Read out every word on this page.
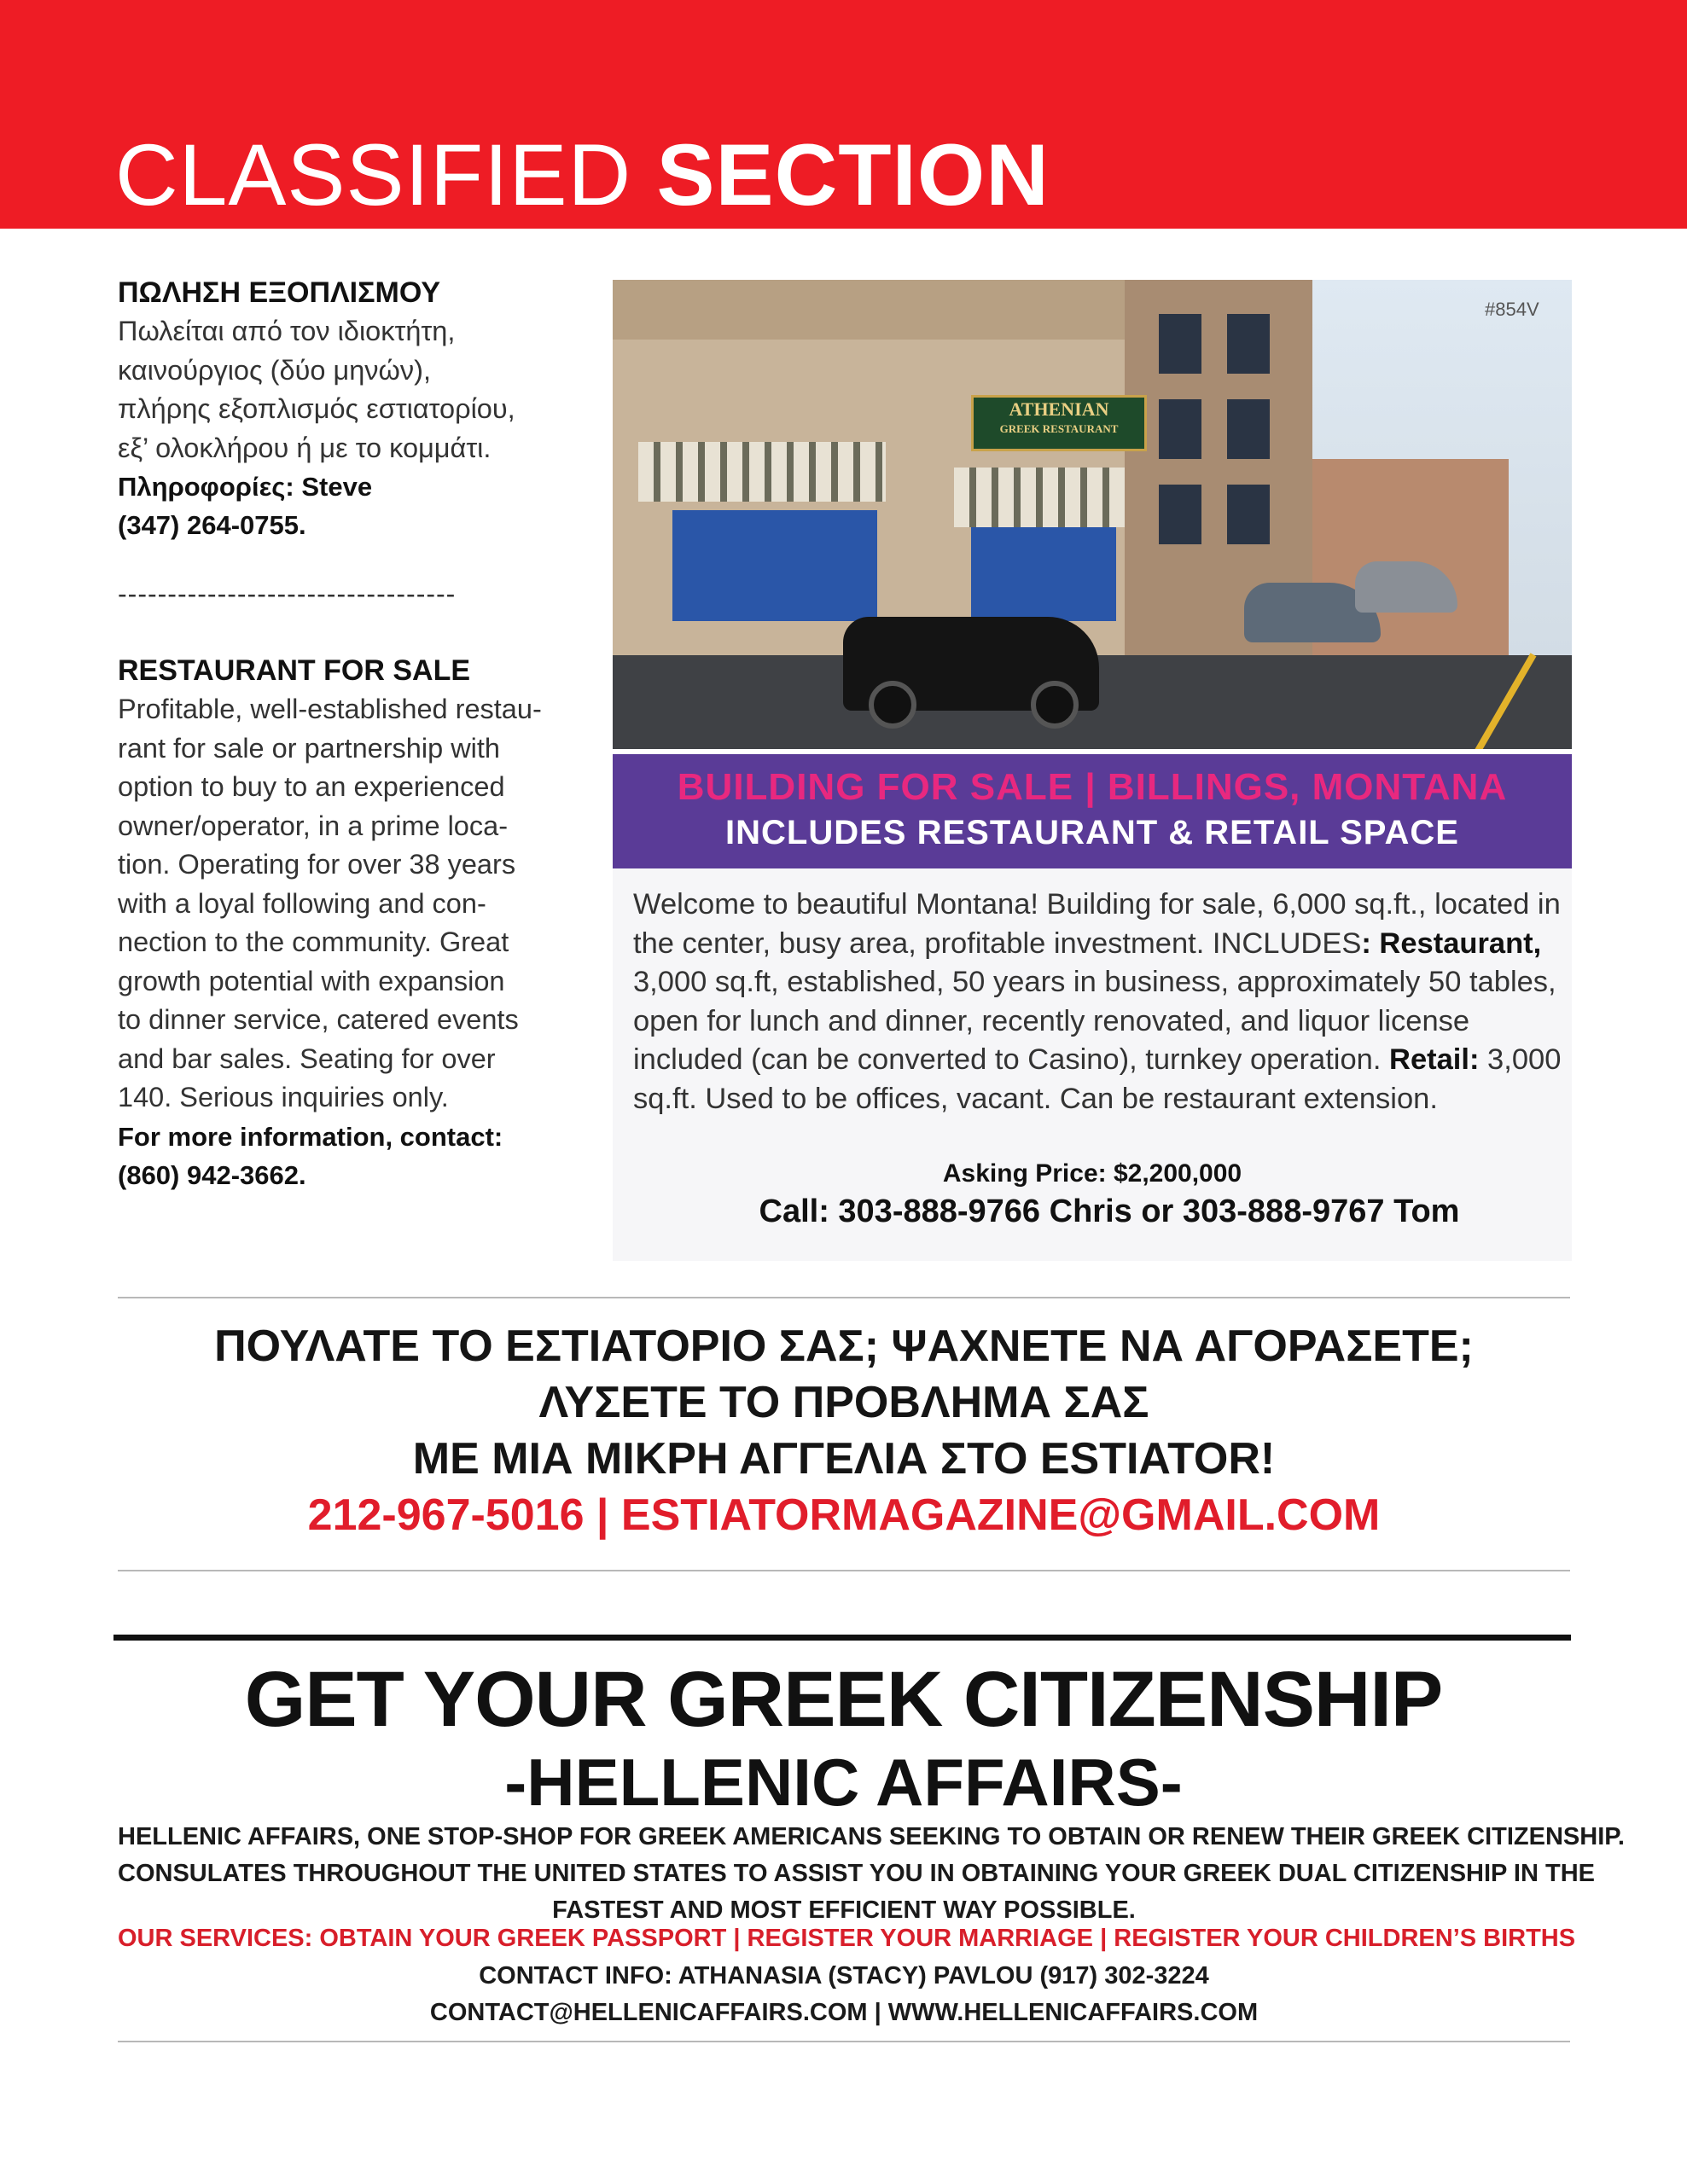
CLASSIFIED SECTION

ΠΩΛΗΣΗ ΕΞΟΠΛΙΣΜΟΥ

Πωλείται από τον ιδιοκτήτη,

καινούργιος (δύο μηνών),

πλήρης εξοπλισμός εστιατορίου,

εξ’ ολοκλήρου ή με το κομμάτι.

Πληροφορίες: Steve

(347) 264-0755.

----------------------------------

RESTAURANT FOR SALE

Profitable, well-established restau-

rant for sale or partnership with

option to buy to an experienced

owner/operator, in a prime loca-

tion. Operating for over 38 years

with a loyal following and con-

nection to the community. Great

growth potential with expansion

to dinner service, catered events

and bar sales. Seating for over

140. Serious inquiries only.

For more information, contact:

(860) 942-3662.

ATHENIAN
GREEK RESTAURANT
#854V
BUILDING FOR SALE | BILLINGS, MONTANA
INCLUDES RESTAURANT & RETAIL SPACE

Welcome to beautiful Montana! Building for sale, 6,000 sq.ft., located in the center, busy area, profitable investment. INCLUDES: Restaurant, 3,000 sq.ft, established, 50 years in business, approximately 50 tables, open for lunch and dinner, recently renovated, and liquor license included (can be converted to Casino), turnkey operation. Retail: 3,000 sq.ft. Used to be offices, vacant. Can be restaurant extension.

Asking Price: $2,200,000
Call: 303-888-9766 Chris or 303-888-9767 Tom
ΠΟΥΛΑΤΕ ΤΟ ΕΣΤΙΑΤΟΡΙΟ ΣΑΣ; ΨΑΧΝΕΤΕ ΝΑ ΑΓΟΡΑΣΕΤΕ;
ΛΥΣΕΤΕ ΤΟ ΠΡΟΒΛΗΜΑ ΣΑΣ
ΜΕ ΜΙΑ ΜΙΚΡΗ ΑΓΓΕΛΙΑ ΣΤΟ ESTIATOR!
212-967-5016 | ESTIATORMAGAZINE@GMAIL.COM
GET YOUR GREEK CITIZENSHIP
-HELLENIC AFFAIRS-
HELLENIC AFFAIRS, ONE STOP-SHOP FOR GREEK AMERICANS SEEKING TO OBTAIN OR RENEW THEIR GREEK CITIZENSHIP.
CONSULATES THROUGHOUT THE UNITED STATES TO ASSIST YOU IN OBTAINING YOUR GREEK DUAL CITIZENSHIP IN THE
FASTEST AND MOST EFFICIENT WAY POSSIBLE.
OUR SERVICES: OBTAIN YOUR GREEK PASSPORT | REGISTER YOUR MARRIAGE | REGISTER YOUR CHILDREN’S BIRTHS
CONTACT INFO: ATHANASIA (STACY) PAVLOU (917) 302-3224
CONTACT@HELLENICAFFAIRS.COM | WWW.HELLENICAFFAIRS.COM
